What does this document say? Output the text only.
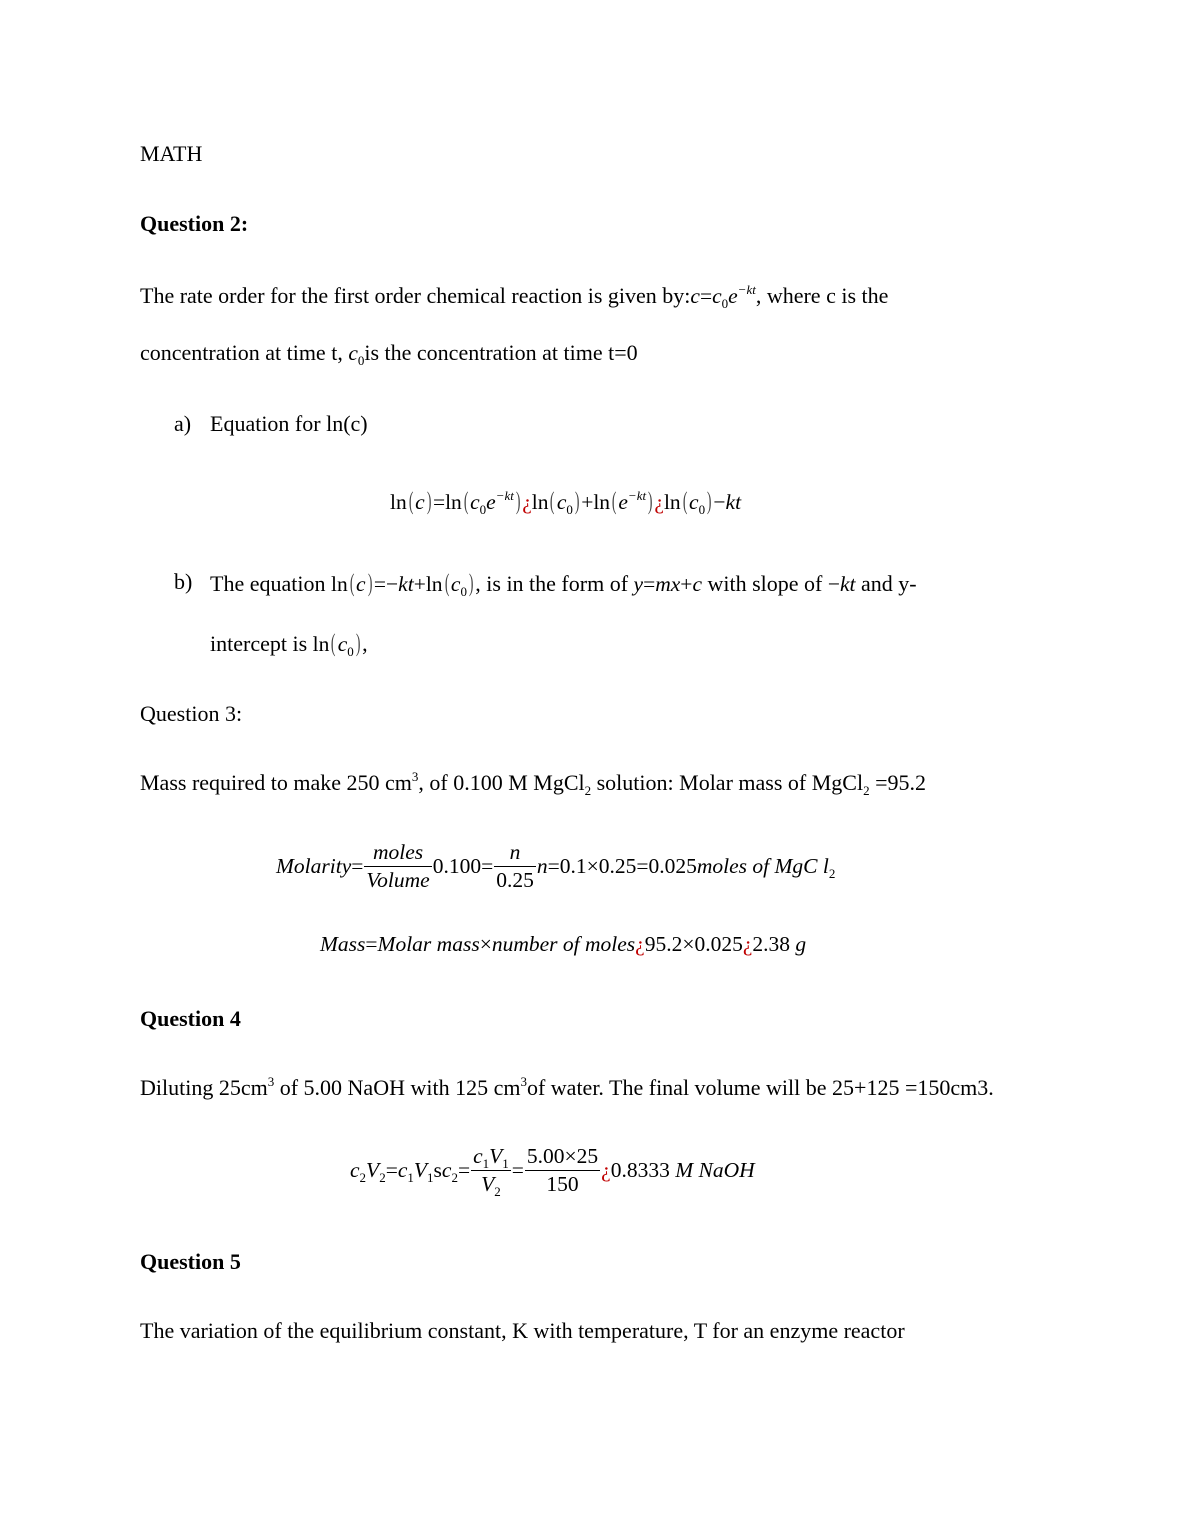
MATH
Question 2:
The rate order for the first order chemical reaction is given $by:c=c_0e^{-kt}$, where c is the
concentration at time t, $c_0is$ the concentration at time t=0
a) Equation for ln(c)
$\ln(c)=\ln(c_0e^{-kt})¿\ln(c_0)+\ln(e^{-kt})¿\ln(c_0)-kt$
b) The equation $\ln(c)=-kt+\ln(c_0)$, is in the form of y=mx+c with slope of −kt and y-
intercept is $\ln(c_0)$,
Question 3:
Mass required to make 250 $cm^3$, of 0.100 M MgCl$_2$ solution: Molar mass of MgCl$_2$ =95.2
Molarity= $\frac{\text{moles}}{\text{Volume}} 0.100= \frac{n}{0.25}$ n=0.1×0.25=0.025moles of MgC $l_2$
Mass=Molar mass×number of moles¿95.2×0.025¿2.38 g
Question 4
Diluting $25cm^3$ of 5.00 NaOH with 125 $cm^3of$ water. The final volume will be 25+125 =150cm3.
$c_2V_2=c_1V_1sc_2= \frac{c_1V_1}{V_2} = \frac{5.00\times 25}{150}$ ¿0.8333 M NaOH
Question 5
The variation of the equilibrium constant, K with temperature, T for an enzyme reactor
